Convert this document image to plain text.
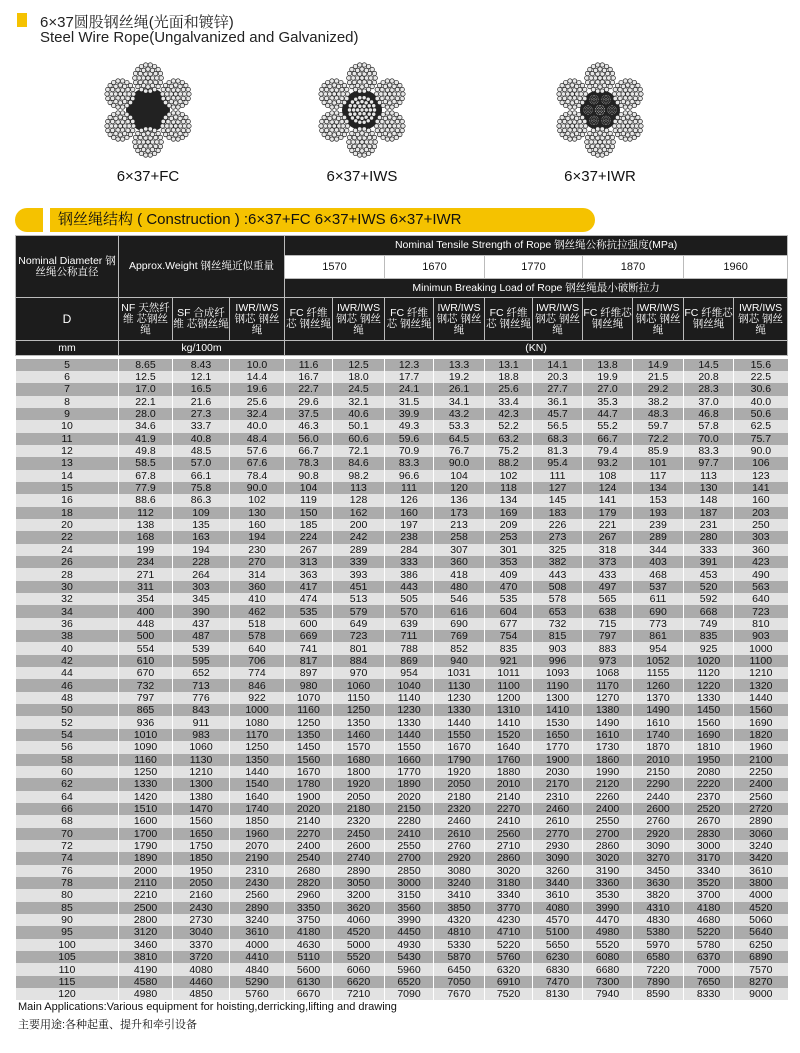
6×37圆股钢丝绳(光面和镀锌)
Steel Wire Rope(Ungalvanized and Galvanized)
6×37+FC	6×37+IWS	6×37+IWR
钢丝绳结构 ( Construction ) :6×37+FC 6×37+IWS 6×37+IWR
Nominal Diameter 钢丝绳公称直径	Approx.Weight 钢丝绳近似重量			Nominal Tensile Strength of Rope 钢丝绳公称抗拉强度(MPa)									
				1570		1670		1770		1870		1960	
				Minimun Breaking Load of Rope 钢丝绳最小破断拉力									
D	NF 天然纤维 芯钢丝绳	SF 合成纤维 芯钢丝绳	IWR/IWS 钢芯 钢丝绳	FC 纤维芯 钢丝绳	IWR/IWS 钢芯 钢丝绳	FC 纤维芯 钢丝绳	IWR/IWS 钢芯 钢丝绳	FC 纤维芯 钢丝绳	IWR/IWS 钢芯 钢丝绳	FC 纤维芯 钢丝绳	IWR/IWS 钢芯 钢丝绳	FC 纤维芯 钢丝绳	IWR/IWS 钢芯 钢丝绳
mm	kg/100m			(KN)									

5	8.65	8.43	10.0	11.6	12.5	12.3	13.3	13.1	14.1	13.8	14.9	14.5	15.6
6	12.5	12.1	14.4	16.7	18.0	17.7	19.2	18.8	20.3	19.9	21.5	20.8	22.5
7	17.0	16.5	19.6	22.7	24.5	24.1	26.1	25.6	27.7	27.0	29.2	28.3	30.6
8	22.1	21.6	25.6	29.6	32.1	31.5	34.1	33.4	36.1	35.3	38.2	37.0	40.0
9	28.0	27.3	32.4	37.5	40.6	39.9	43.2	42.3	45.7	44.7	48.3	46.8	50.6
10	34.6	33.7	40.0	46.3	50.1	49.3	53.3	52.2	56.5	55.2	59.7	57.8	62.5
11	41.9	40.8	48.4	56.0	60.6	59.6	64.5	63.2	68.3	66.7	72.2	70.0	75.7
12	49.8	48.5	57.6	66.7	72.1	70.9	76.7	75.2	81.3	79.4	85.9	83.3	90.0
13	58.5	57.0	67.6	78.3	84.6	83.3	90.0	88.2	95.4	93.2	101	97.7	106
14	67.8	66.1	78.4	90.8	98.2	96.6	104	102	111	108	117	113	123
15	77.9	75.8	90.0	104	113	111	120	118	127	124	134	130	141
16	88.6	86.3	102	119	128	126	136	134	145	141	153	148	160
18	112	109	130	150	162	160	173	169	183	179	193	187	203
20	138	135	160	185	200	197	213	209	226	221	239	231	250
22	168	163	194	224	242	238	258	253	273	267	289	280	303
24	199	194	230	267	289	284	307	301	325	318	344	333	360
26	234	228	270	313	339	333	360	353	382	373	403	391	423
28	271	264	314	363	393	386	418	409	443	433	468	453	490
30	311	303	360	417	451	443	480	470	508	497	537	520	563
32	354	345	410	474	513	505	546	535	578	565	611	592	640
34	400	390	462	535	579	570	616	604	653	638	690	668	723
36	448	437	518	600	649	639	690	677	732	715	773	749	810
38	500	487	578	669	723	711	769	754	815	797	861	835	903
40	554	539	640	741	801	788	852	835	903	883	954	925	1000
42	610	595	706	817	884	869	940	921	996	973	1052	1020	1100
44	670	652	774	897	970	954	1031	1011	1093	1068	1155	1120	1210
46	732	713	846	980	1060	1040	1130	1100	1190	1170	1260	1220	1320
48	797	776	922	1070	1150	1140	1230	1200	1300	1270	1370	1330	1440
50	865	843	1000	1160	1250	1230	1330	1310	1410	1380	1490	1450	1560
52	936	911	1080	1250	1350	1330	1440	1410	1530	1490	1610	1560	1690
54	1010	983	1170	1350	1460	1440	1550	1520	1650	1610	1740	1690	1820
56	1090	1060	1250	1450	1570	1550	1670	1640	1770	1730	1870	1810	1960
58	1160	1130	1350	1560	1680	1660	1790	1760	1900	1860	2010	1950	2100
60	1250	1210	1440	1670	1800	1770	1920	1880	2030	1990	2150	2080	2250
62	1330	1300	1540	1780	1920	1890	2050	2010	2170	2120	2290	2220	2400
64	1420	1380	1640	1900	2050	2020	2180	2140	2310	2260	2440	2370	2560
66	1510	1470	1740	2020	2180	2150	2320	2270	2460	2400	2600	2520	2720
68	1600	1560	1850	2140	2320	2280	2460	2410	2610	2550	2760	2670	2890
70	1700	1650	1960	2270	2450	2410	2610	2560	2770	2700	2920	2830	3060
72	1790	1750	2070	2400	2600	2550	2760	2710	2930	2860	3090	3000	3240
74	1890	1850	2190	2540	2740	2700	2920	2860	3090	3020	3270	3170	3420
76	2000	1950	2310	2680	2890	2850	3080	3020	3260	3190	3450	3340	3610
78	2110	2050	2430	2820	3050	3000	3240	3180	3440	3360	3630	3520	3800
80	2210	2160	2560	2960	3200	3150	3410	3340	3610	3530	3820	3700	4000
85	2500	2430	2890	3350	3620	3560	3850	3770	4080	3990	4310	4180	4520
90	2800	2730	3240	3750	4060	3990	4320	4230	4570	4470	4830	4680	5060
95	3120	3040	3610	4180	4520	4450	4810	4710	5100	4980	5380	5220	5640
100	3460	3370	4000	4630	5000	4930	5330	5220	5650	5520	5970	5780	6250
105	3810	3720	4410	5110	5520	5430	5870	5760	6230	6080	6580	6370	6890
110	4190	4080	4840	5600	6060	5960	6450	6320	6830	6680	7220	7000	7570
115	4580	4460	5290	6130	6620	6520	7050	6910	7470	7300	7890	7650	8270
120	4980	4850	5760	6670	7210	7090	7670	7520	8130	7940	8590	8330	9000
Main Applications:Various equipment for hoisting,derricking,lifting and drawing
主要用途:各种起重、提升和牵引设备
